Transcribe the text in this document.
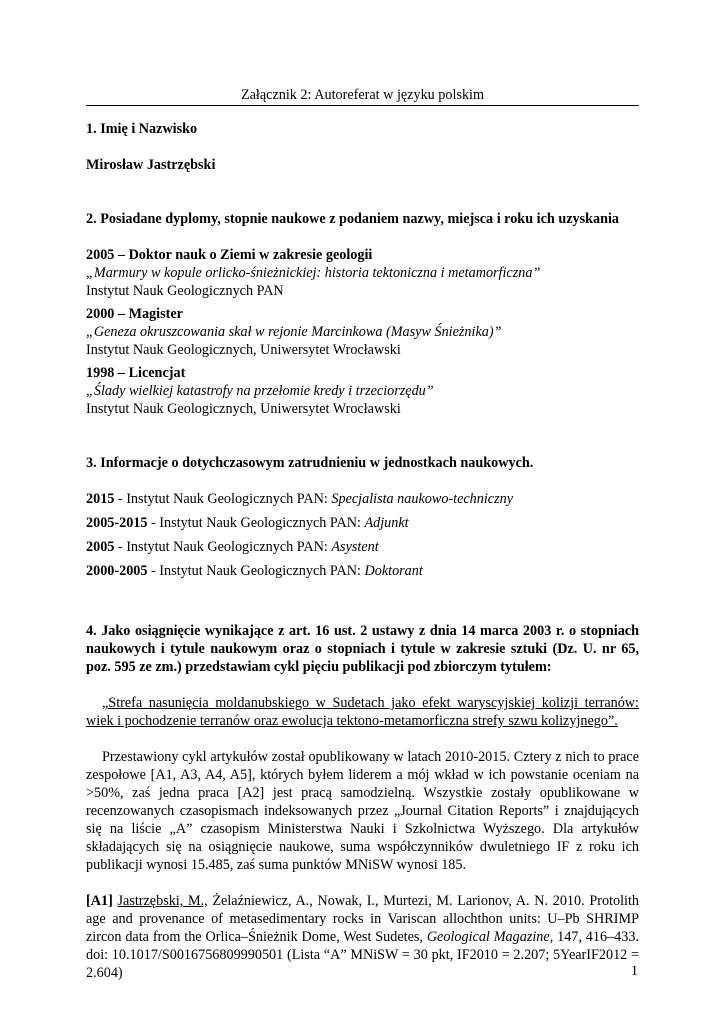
Załącznik 2: Autoreferat w języku polskim

1. Imię i Nazwisko

Mirosław Jastrzębski

2. Posiadane dyplomy, stopnie naukowe z podaniem nazwy, miejsca i roku ich uzyskania

2005 – Doktor nauk o Ziemi w zakresie geologii

„Marmury w kopule orlicko-śnieżnickiej: historia tektoniczna i metamorficzna”

Instytut Nauk Geologicznych PAN

2000 – Magister

„Geneza okruszcowania skał w rejonie Marcinkowa (Masyw Śnieżnika)”

Instytut Nauk Geologicznych, Uniwersytet Wrocławski

1998 – Licencjat

„Ślady wielkiej katastrofy na przełomie kredy i trzeciorzędu”

Instytut Nauk Geologicznych, Uniwersytet Wrocławski

3. Informacje o dotychczasowym zatrudnieniu w jednostkach naukowych.

2015 - Instytut Nauk Geologicznych PAN: Specjalista naukowo-techniczny

2005-2015 - Instytut Nauk Geologicznych PAN: Adjunkt

2005 - Instytut Nauk Geologicznych PAN: Asystent

2000-2005 - Instytut Nauk Geologicznych PAN: Doktorant

4. Jako osiągnięcie wynikające z art. 16 ust. 2 ustawy z dnia 14 marca 2003 r. o stopniach naukowych i tytule naukowym oraz o stopniach i tytule w zakresie sztuki (Dz. U. nr 65, poz. 595 ze zm.) przedstawiam cykl pięciu publikacji pod zbiorczym tytułem:

„Strefa nasunięcia moldanubskiego w Sudetach jako efekt waryscyjskiej kolizji terranów: wiek i pochodzenie terranów oraz ewolucja tektono-metamorficzna strefy szwu kolizyjnego”.

Przestawiony cykl artykułów został opublikowany w latach 2010-2015. Cztery z nich to prace zespołowe [A1, A3, A4, A5], których byłem liderem a mój wkład w ich powstanie oceniam na >50%, zaś jedna praca [A2] jest pracą samodzielną. Wszystkie zostały opublikowane w recenzowanych czasopismach indeksowanych przez „Journal Citation Reports” i znajdujących się na liście „A” czasopism Ministerstwa Nauki i Szkolnictwa Wyższego. Dla artykułów składających się na osiągnięcie naukowe, suma współczynników dwuletniego IF z roku ich publikacji wynosi 15.485, zaś suma punktów MNiSW wynosi 185.

[A1] Jastrzębski, M., Żelaźniewicz, A., Nowak, I., Murtezi, M. Larionov, A. N. 2010. Protolith age and provenance of metasedimentary rocks in Variscan allochthon units: U–Pb SHRIMP zircon data from the Orlica–Śnieżnik Dome, West Sudetes, Geological Magazine, 147, 416–433. doi: 10.1017/S0016756809990501 (Lista “A” MNiSW = 30 pkt, IF2010 = 2.207; 5YearIF2012 = 2.604)	1
